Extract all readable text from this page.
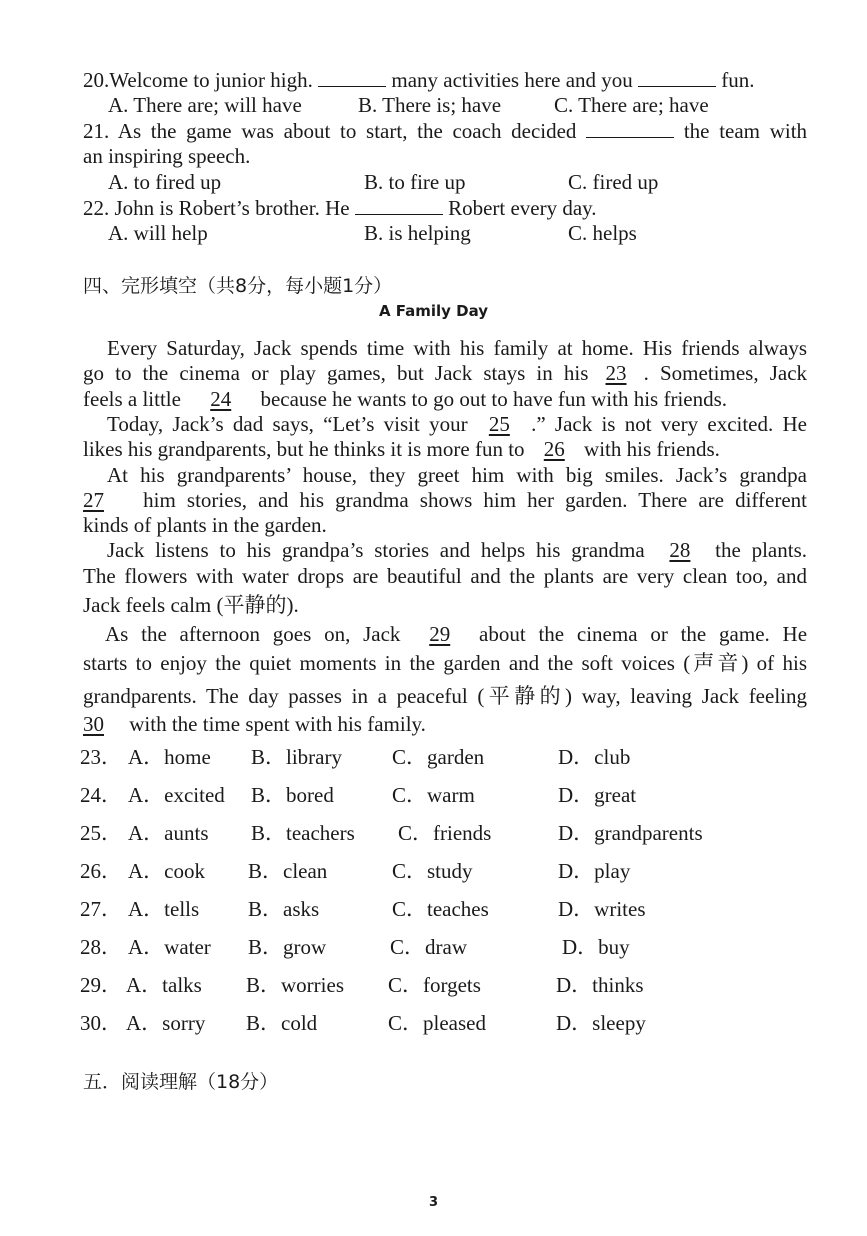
20.Welcome to junior high.	many activities here and you	fun.
A. There are; will have	B. There is; have	C. There are; have
21. As the game was about to start, the coach decided	the team with
an inspiring speech.
A. to fired up	B. to fire up	C. fired up
22. John is Robert’s brother. He	Robert every day.
A. will help	B. is helping	C. helps
四、完形填空（共8分，每小题1分）
A Family Day
Every Saturday, Jack spends time with his family at home. His friends always
go to the cinema or play games, but Jack stays in his 23 . Sometimes, Jack
feels a little 24 because he wants to go out to have fun with his friends.
Today, Jack’s dad says, “Let’s visit your 25 .” Jack is not very excited. He
likes his grandparents, but he thinks it is more fun to 26 with his friends.
At his grandparents’ house, they greet him with big smiles. Jack’s grandpa
27 him stories, and his grandma shows him her garden. There are different
kinds of plants in the garden.
Jack listens to his grandpa’s stories and helps his grandma 28 the plants.
The flowers with water drops are beautiful and the plants are very clean too, and
Jack feels calm (平静的).
As the afternoon goes on, Jack 29 about the cinema or the game. He
starts to enjoy the quiet moments in the garden and the soft voices (声音) of his
grandparents. The day passes in a peaceful (平静的) way, leaving Jack feeling
30 with the time spent with his family.
23． A．home B．library C．garden	D．club
24． A．excited B．bored	C．warm	D．great
25． A．aunts B．teachers C．friends	D．grandparents
26． A．cook B．clean	C．study	D．play
27． A．tells B．asks	C．teaches	D．writes
28． A．water B．grow	C．draw	D．buy
29． A．talks B．worries C．forgets	D．thinks
30． A．sorry B．cold	C．pleased	D．sleepy
五．阅读理解（18分）
3
